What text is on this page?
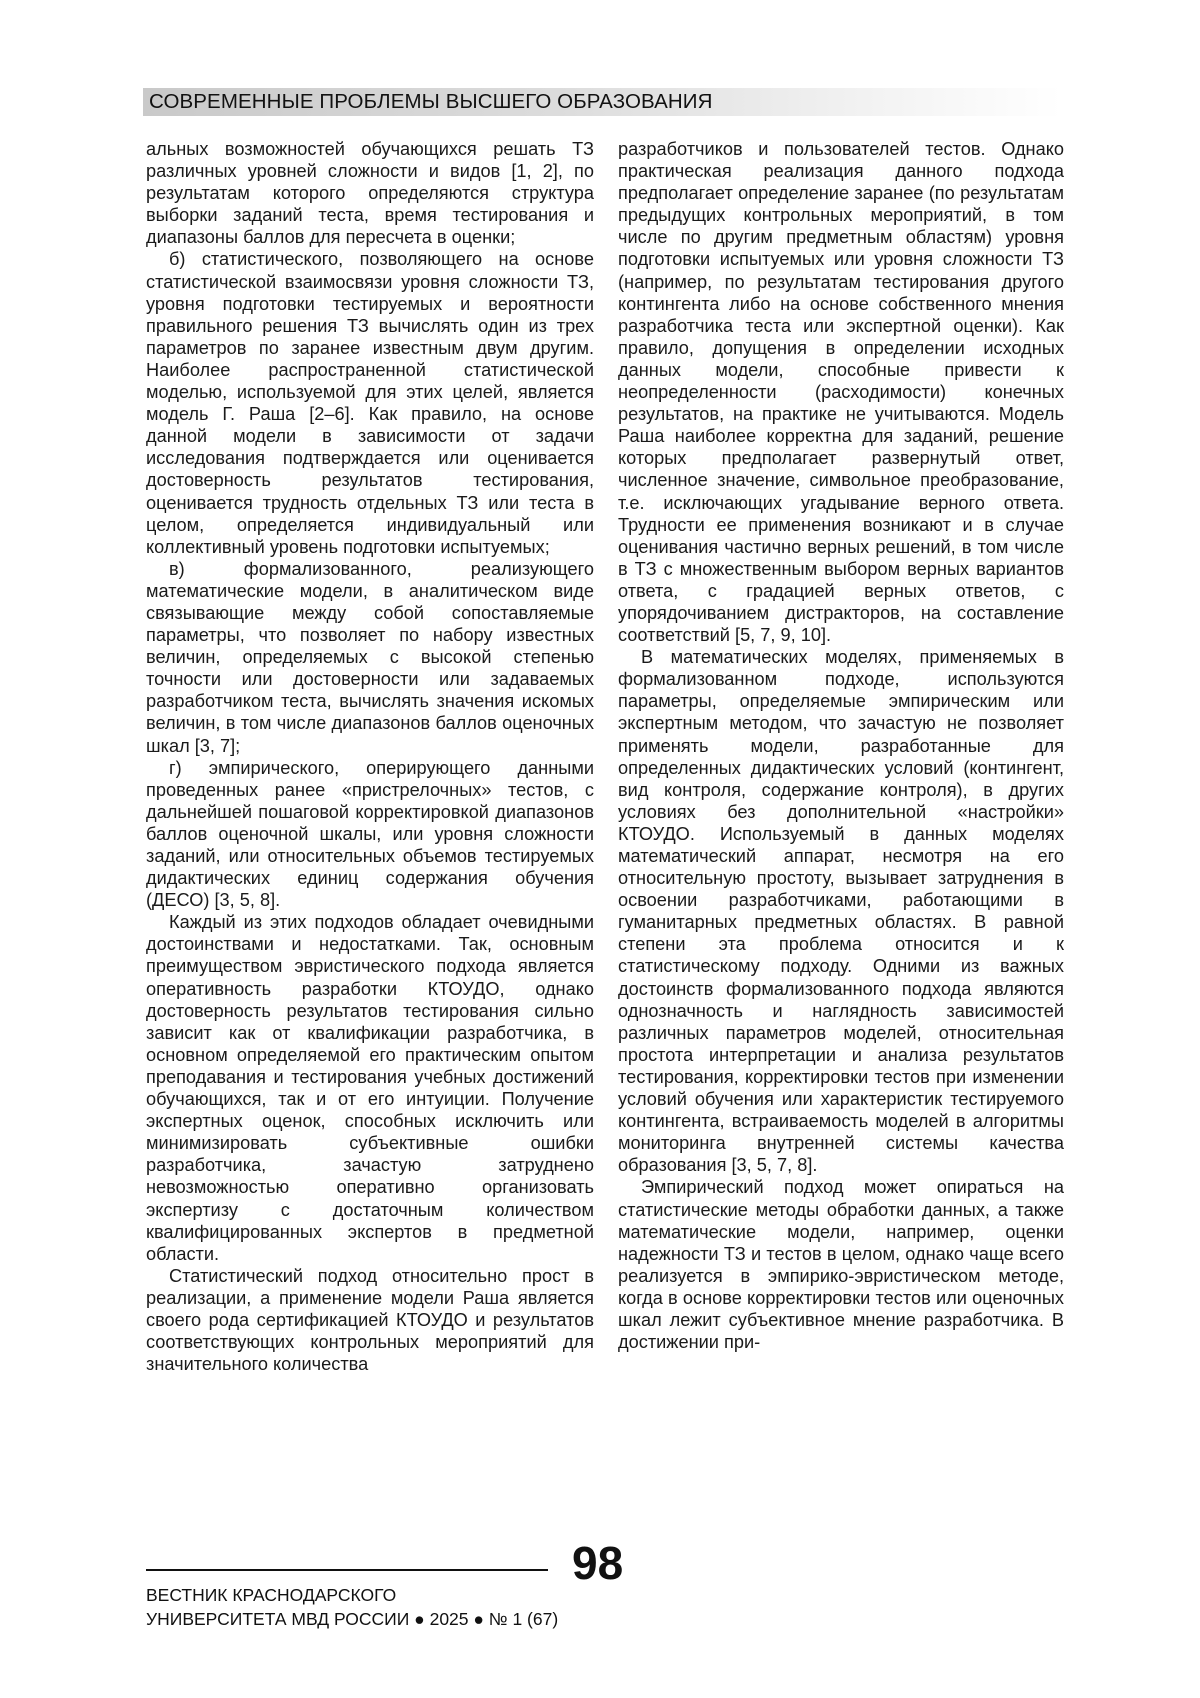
СОВРЕМЕННЫЕ ПРОБЛЕМЫ ВЫСШЕГО ОБРАЗОВАНИЯ

альных возможностей обучающихся решать ТЗ различных уровней сложности и видов [1, 2], по результатам которого определяются структура выборки заданий теста, время тестирования и диапазоны баллов для пересчета в оценки;

б) статистического, позволяющего на основе статистической взаимосвязи уровня сложности ТЗ, уровня подготовки тестируемых и вероятности правильного решения ТЗ вычислять один из трех параметров по заранее известным двум другим. Наиболее распространенной статистической моделью, используемой для этих целей, является модель Г. Раша [2–6]. Как правило, на основе данной модели в зависимости от задачи исследования подтверждается или оценивается достоверность результатов тестирования, оценивается трудность отдельных ТЗ или теста в целом, определяется индивидуальный или коллективный уровень подготовки испытуемых;

в) формализованного, реализующего математические модели, в аналитическом виде связывающие между собой сопоставляемые параметры, что позволяет по набору известных величин, определяемых с высокой степенью точности или достоверности или задаваемых разработчиком теста, вычислять значения искомых величин, в том числе диапазонов баллов оценочных шкал [3, 7];

г) эмпирического, оперирующего данными проведенных ранее «пристрелочных» тестов, с дальнейшей пошаговой корректировкой диапазонов баллов оценочной шкалы, или уровня сложности заданий, или относительных объемов тестируемых дидактических единиц содержания обучения (ДЕСО) [3, 5, 8].

Каждый из этих подходов обладает очевидными достоинствами и недостатками. Так, основным преимуществом эвристического подхода является оперативность разработки КТОУДО, однако достоверность результатов тестирования сильно зависит как от квалификации разработчика, в основном определяемой его практическим опытом преподавания и тестирования учебных достижений обучающихся, так и от его интуиции. Получение экспертных оценок, способных исключить или минимизировать субъективные ошибки разработчика, зачастую затруднено невозможностью оперативно организовать экспертизу с достаточным количеством квалифицированных экспертов в предметной области.

Статистический подход относительно прост в реализации, а применение модели Раша является своего рода сертификацией КТОУДО и результатов соответствующих контрольных мероприятий для значительного количества

разработчиков и пользователей тестов. Однако практическая реализация данного подхода предполагает определение заранее (по результатам предыдущих контрольных мероприятий, в том числе по другим предметным областям) уровня подготовки испытуемых или уровня сложности ТЗ (например, по результатам тестирования другого контингента либо на основе собственного мнения разработчика теста или экспертной оценки). Как правило, допущения в определении исходных данных модели, способные привести к неопределенности (расходимости) конечных результатов, на практике не учитываются. Модель Раша наиболее корректна для заданий, решение которых предполагает развернутый ответ, численное значение, символьное преобразование, т.е. исключающих угадывание верного ответа. Трудности ее применения возникают и в случае оценивания частично верных решений, в том числе в ТЗ с множественным выбором верных вариантов ответа, с градацией верных ответов, с упорядочиванием дистракторов, на составление соответствий [5, 7, 9, 10].

В математических моделях, применяемых в формализованном подходе, используются параметры, определяемые эмпирическим или экспертным методом, что зачастую не позволяет применять модели, разработанные для определенных дидактических условий (контингент, вид контроля, содержание контроля), в других условиях без дополнительной «настройки» КТОУДО. Используемый в данных моделях математический аппарат, несмотря на его относительную простоту, вызывает затруднения в освоении разработчиками, работающими в гуманитарных предметных областях. В равной степени эта проблема относится и к статистическому подходу. Одними из важных достоинств формализованного подхода являются однозначность и наглядность зависимостей различных параметров моделей, относительная простота интерпретации и анализа результатов тестирования, корректировки тестов при изменении условий обучения или характеристик тестируемого контингента, встраиваемость моделей в алгоритмы мониторинга внутренней системы качества образования [3, 5, 7, 8].

Эмпирический подход может опираться на статистические методы обработки данных, а также математические модели, например, оценки надежности ТЗ и тестов в целом, однако чаще всего реализуется в эмпирико-эвристическом методе, когда в основе корректировки тестов или оценочных шкал лежит субъективное мнение разработчика. В достижении при-

98
ВЕСТНИК КРАСНОДАРСКОГО
УНИВЕРСИТЕТА МВД РОССИИ ● 2025 ● № 1 (67)
